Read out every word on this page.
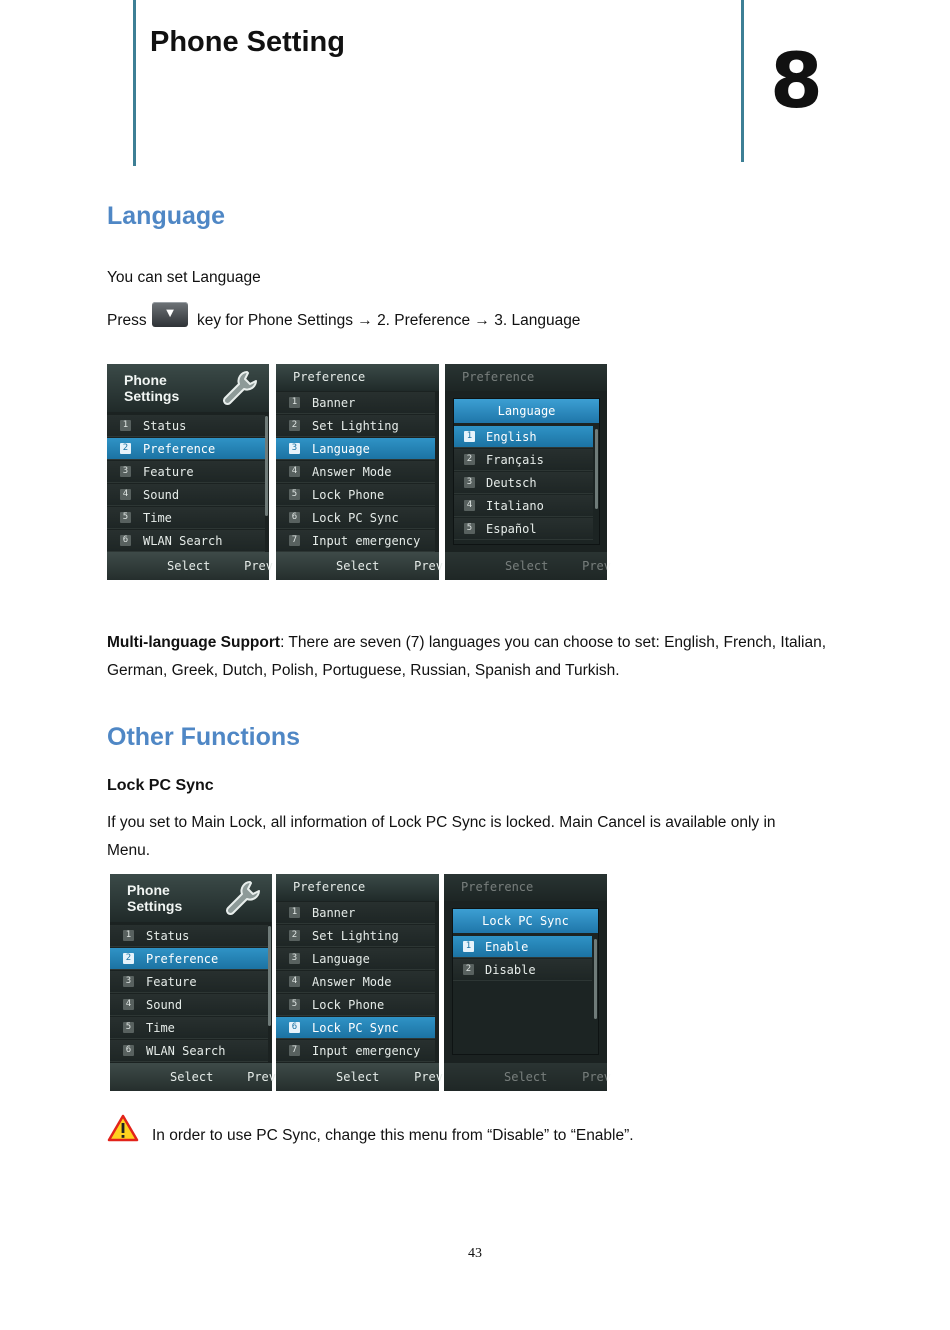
Phone Setting	8
Language
You can set Language
Press	▼	key for Phone Settings → 2. Preference → 3. Language
Phone
Settings
1 Status
2 Preference
3 Feature
4 Sound
5 Time
6 WLAN Search
Select	Prev
Preference
1 Banner
2 Set Lighting
3 Language
4 Answer Mode
5 Lock Phone
6 Lock PC Sync
7 Input emergency
Select	Prev
Preference
Language
1 English
2 Français
3 Deutsch
4 Italiano
5 Español
Select	Prev
Multi-language Support: There are seven (7) languages you can choose to set: English, French, Italian, German, Greek, Dutch, Polish, Portuguese, Russian, Spanish and Turkish.
Other Functions
Lock PC Sync
If you set to Main Lock, all information of Lock PC Sync is locked. Main Cancel is available only in Menu.
Phone
Settings
1 Status
2 Preference
3 Feature
4 Sound
5 Time
6 WLAN Search
Select	Prev
Preference
1 Banner
2 Set Lighting
3 Language
4 Answer Mode
5 Lock Phone
6 Lock PC Sync
7 Input emergency
Select	Prev
Preference
Lock PC Sync
1 Enable
2 Disable
Select	Prev
In order to use PC Sync, change this menu from “Disable” to “Enable”.
43
